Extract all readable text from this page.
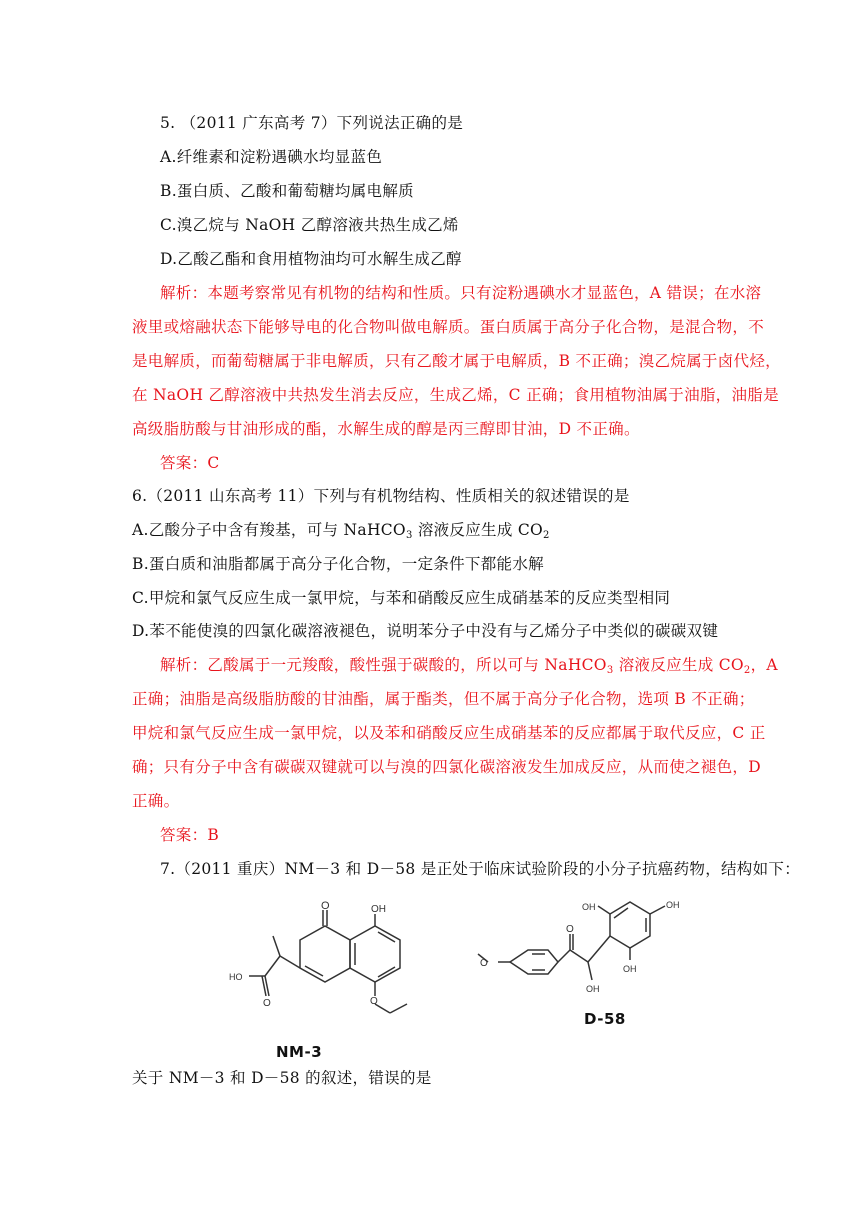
5. （2011 广东高考 7）下列说法正确的是
A.纤维素和淀粉遇碘水均显蓝色
B.蛋白质、乙酸和葡萄糖均属电解质
C.溴乙烷与 NaOH 乙醇溶液共热生成乙烯
D.乙酸乙酯和食用植物油均可水解生成乙醇
解析：本题考察常见有机物的结构和性质。只有淀粉遇碘水才显蓝色，A 错误；在水溶
液里或熔融状态下能够导电的化合物叫做电解质。蛋白质属于高分子化合物，是混合物，不
是电解质，而葡萄糖属于非电解质，只有乙酸才属于电解质，B 不正确；溴乙烷属于卤代烃，
在 NaOH 乙醇溶液中共热发生消去反应，生成乙烯，C 正确；食用植物油属于油脂，油脂是
高级脂肪酸与甘油形成的酯，水解生成的醇是丙三醇即甘油，D 不正确。
答案：C
6.（2011 山东高考 11）下列与有机物结构、性质相关的叙述错误的是
A.乙酸分子中含有羧基，可与 NaHCO$_3$ 溶液反应生成 $CO_2$
B.蛋白质和油脂都属于高分子化合物，一定条件下都能水解
C.甲烷和氯气反应生成一氯甲烷，与苯和硝酸反应生成硝基苯的反应类型相同
D.苯不能使溴的四氯化碳溶液褪色，说明苯分子中没有与乙烯分子中类似的碳碳双键
解析：乙酸属于一元羧酸，酸性强于碳酸的，所以可与 NaHCO$_3$ 溶液反应生成 $CO_2$，A
正确；油脂是高级脂肪酸的甘油酯，属于酯类，但不属于高分子化合物，选项 B 不正确；
甲烷和氯气反应生成一氯甲烷，以及苯和硝酸反应生成硝基苯的反应都属于取代反应，C 正
确；只有分子中含有碳碳双键就可以与溴的四氯化碳溶液发生加成反应，从而使之褪色，D
正确。
答案：B
7.（2011 重庆）NM－3 和 D－58 是正处于临床试验阶段的小分子抗癌药物，结构如下：
O	OH
O
HO
O
NM-3
O
O
OH
OH	OH
OH
D-58
关于 NM－3 和 D－58 的叙述，错误的是
